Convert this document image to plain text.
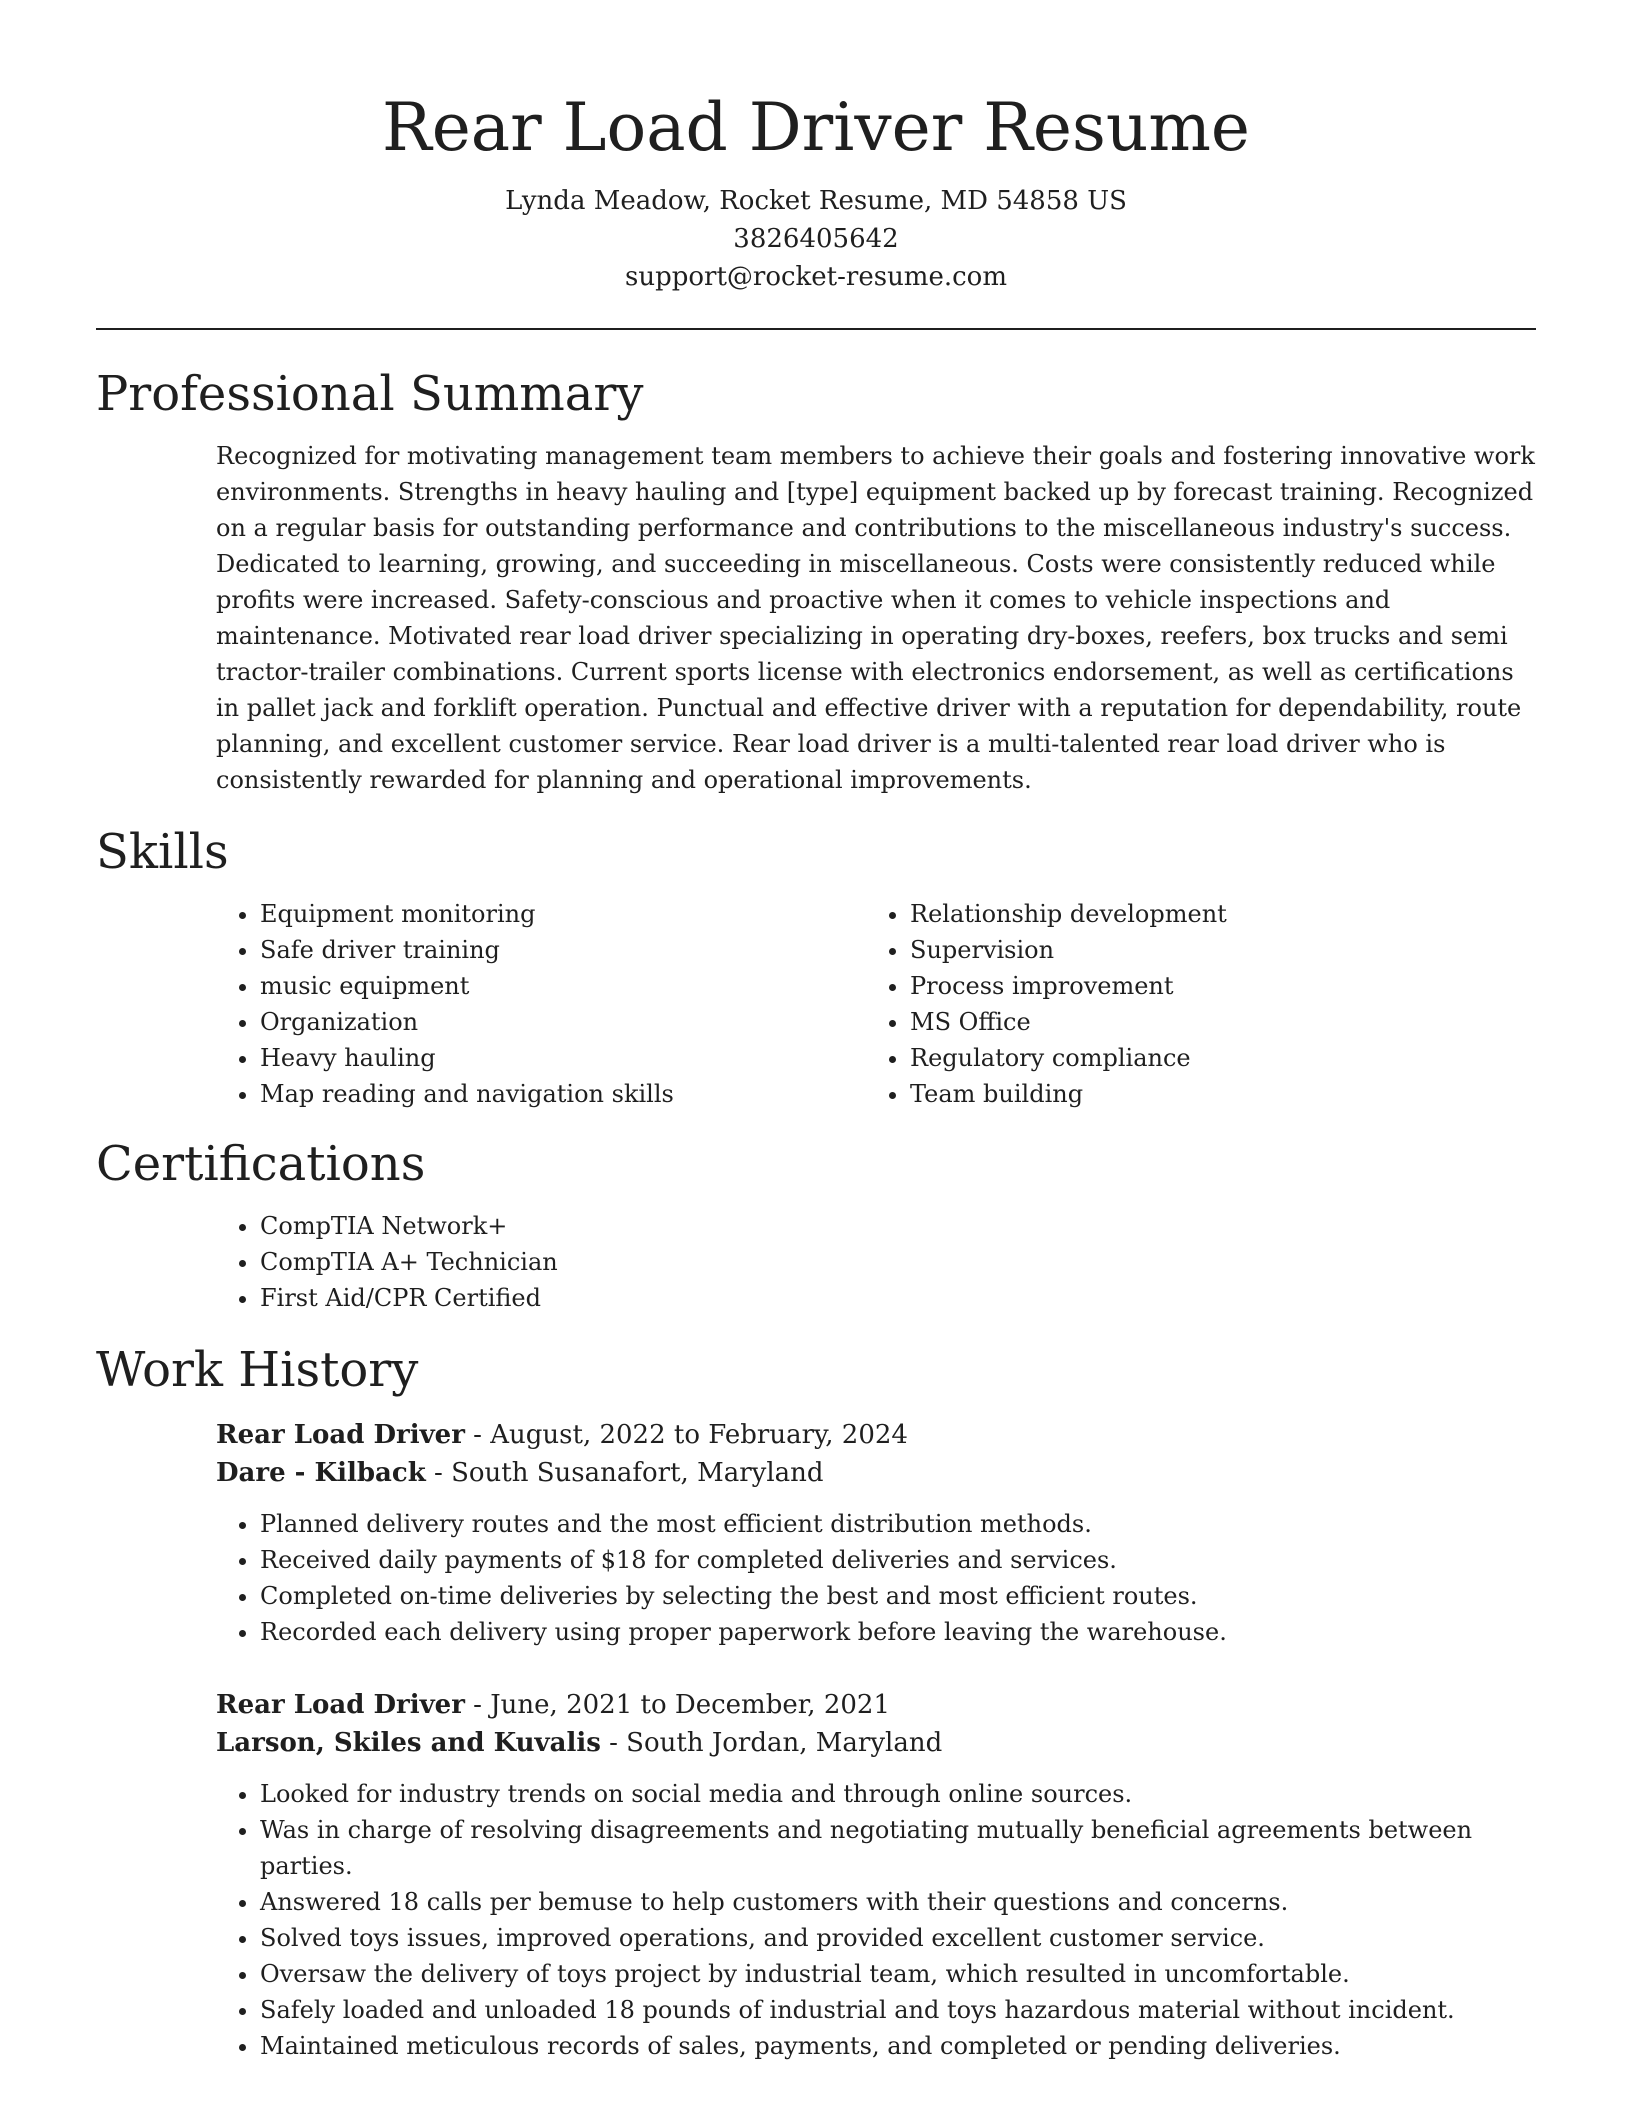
Rear Load Driver Resume

Lynda Meadow, Rocket Resume, MD 54858 US

3826405642

support@rocket-resume.com

Professional Summary

Recognized for motivating management team members to achieve their goals and fostering innovative work environments. Strengths in heavy hauling and [type] equipment backed up by forecast training. Recognized on a regular basis for outstanding performance and contributions to the miscellaneous industry's success. Dedicated to learning, growing, and succeeding in miscellaneous. Costs were consistently reduced while profits were increased. Safety-conscious and proactive when it comes to vehicle inspections and maintenance. Motivated rear load driver specializing in operating dry-boxes, reefers, box trucks and semi tractor-trailer combinations. Current sports license with electronics endorsement, as well as certifications in pallet jack and forklift operation. Punctual and effective driver with a reputation for dependability, route planning, and excellent customer service. Rear load driver is a multi-talented rear load driver who is consistently rewarded for planning and operational improvements.

Skills
• Equipment monitoring
• Safe driver training
• music equipment
• Organization
• Heavy hauling
• Map reading and navigation skills
• Relationship development
• Supervision
• Process improvement
• MS Office
• Regulatory compliance
• Team building
Certifications
• CompTIA Network+
• CompTIA A+ Technician
• First Aid/CPR Certified
Work History

Rear Load Driver - August, 2022 to February, 2024

Dare - Kilback - South Susanafort, Maryland

• Planned delivery routes and the most efficient distribution methods.
• Received daily payments of $18 for completed deliveries and services.
• Completed on-time deliveries by selecting the best and most efficient routes.
• Recorded each delivery using proper paperwork before leaving the warehouse.

Rear Load Driver - June, 2021 to December, 2021

Larson, Skiles and Kuvalis - South Jordan, Maryland

• Looked for industry trends on social media and through online sources.
• Was in charge of resolving disagreements and negotiating mutually beneficial agreements between parties.
• Answered 18 calls per bemuse to help customers with their questions and concerns.
• Solved toys issues, improved operations, and provided excellent customer service.
• Oversaw the delivery of toys project by industrial team, which resulted in uncomfortable.
• Safely loaded and unloaded 18 pounds of industrial and toys hazardous material without incident.
• Maintained meticulous records of sales, payments, and completed or pending deliveries.
